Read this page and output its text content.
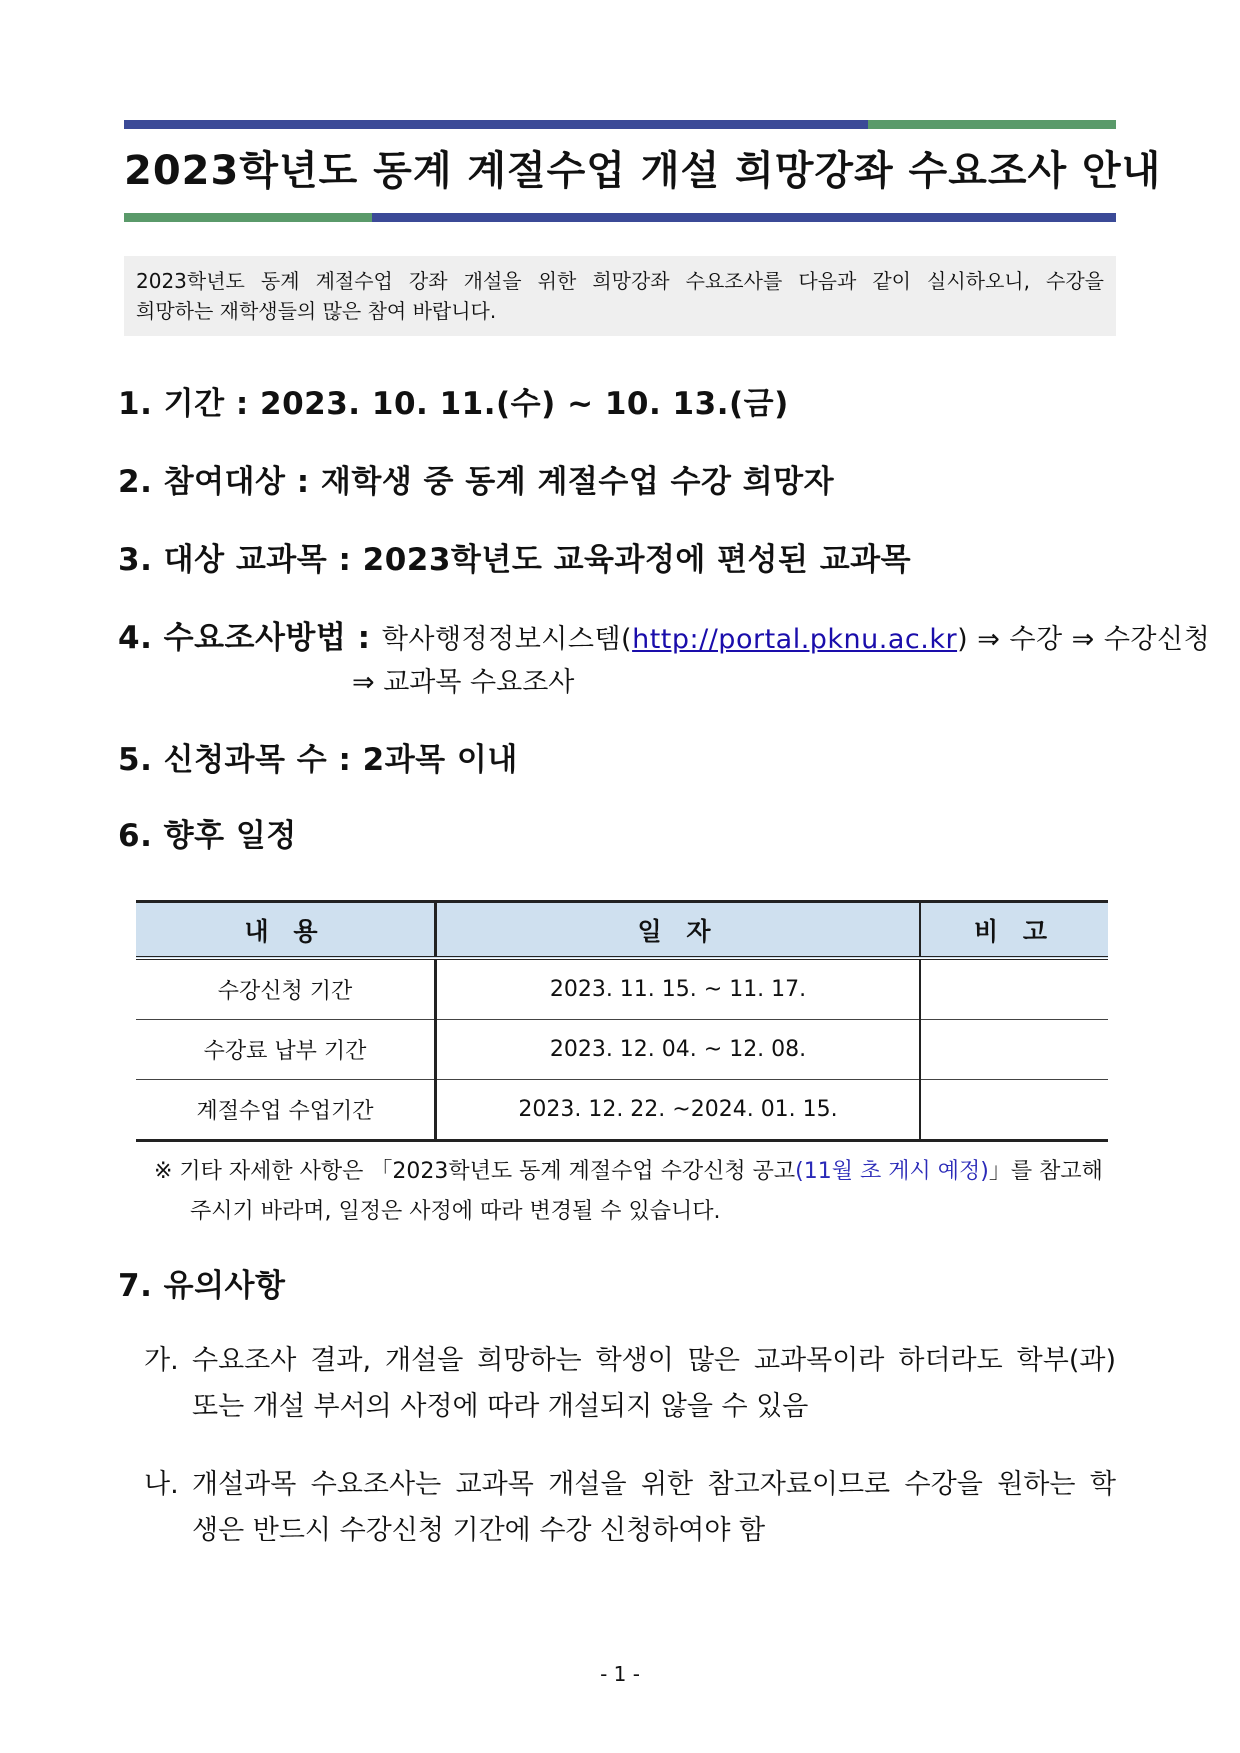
2023학년도 동계 계절수업 개설 희망강좌 수요조사 안내
2023학년도 동계 계절수업 강좌 개설을 위한 희망강좌 수요조사를 다음과 같이 실시하오니, 수강을
희망하는 재학생들의 많은 참여 바랍니다.
1. 기간 : 2023. 10. 11.(수) ~ 10. 13.(금)
2. 참여대상 : 재학생 중 동계 계절수업 수강 희망자
3. 대상 교과목 : 2023학년도 교육과정에 편성된 교과목
4. 수요조사방법 : 학사행정정보시스템(http://portal.pknu.ac.kr) ⇒ 수강 ⇒ 수강신청
⇒ 교과목 수요조사
5. 신청과목 수 : 2과목 이내
6. 향후 일정
내 용	일 자	비 고
수강신청 기간	2023. 11. 15. ~ 11. 17.	
수강료 납부 기간	2023. 12. 04. ~ 12. 08.	
계절수업 수업기간	2023. 12. 22. ~2024. 01. 15.	
※ 기타 자세한 사항은 「2023학년도 동계 계절수업 수강신청 공고(11월 초 게시 예정)」를 참고해
주시기 바라며, 일정은 사정에 따라 변경될 수 있습니다.
7. 유의사항
가. 수요조사 결과, 개설을 희망하는 학생이 많은 교과목이라 하더라도 학부(과)
또는 개설 부서의 사정에 따라 개설되지 않을 수 있음
나. 개설과목 수요조사는 교과목 개설을 위한 참고자료이므로 수강을 원하는 학
생은 반드시 수강신청 기간에 수강 신청하여야 함
- 1 -
